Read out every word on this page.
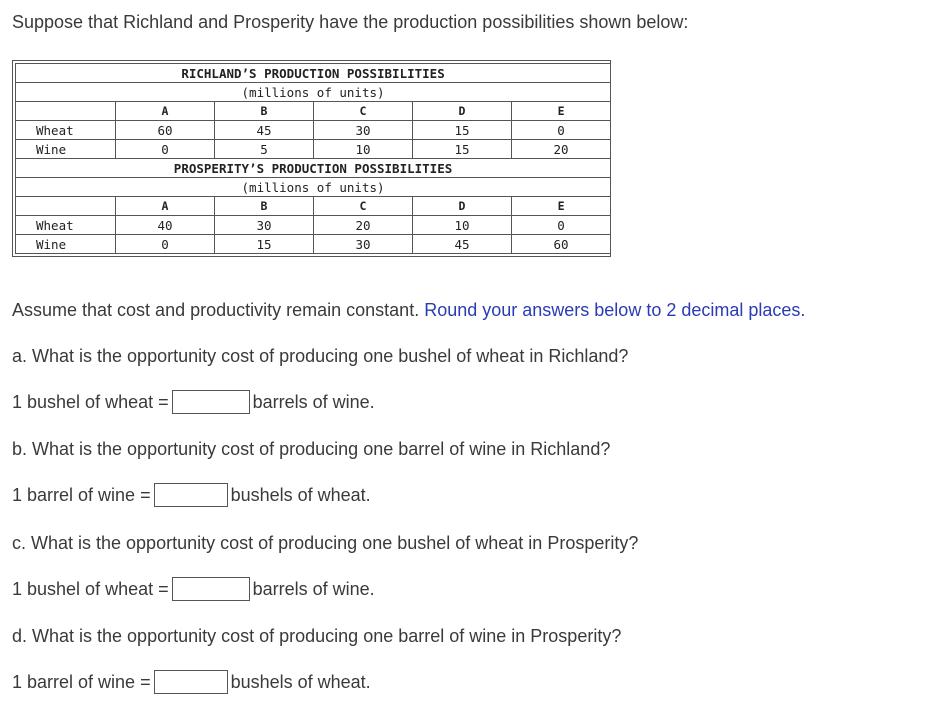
Suppose that Richland and Prosperity have the production possibilities shown below:
RICHLAND’S PRODUCTION POSSIBILITIES					
(millions of units)					
	A	B	C	D	E
Wheat	60	45	30	15	0
Wine	0	5	10	15	20
PROSPERITY’S PRODUCTION POSSIBILITIES					
(millions of units)					
	A	B	C	D	E
Wheat	40	30	20	10	0
Wine	0	15	30	45	60
Assume that cost and productivity remain constant. Round your answers below to 2 decimal places.
a. What is the opportunity cost of producing one bushel of wheat in Richland?
1 bushel of wheat =	barrels of wine.
b. What is the opportunity cost of producing one barrel of wine in Richland?
1 barrel of wine =	bushels of wheat.
c. What is the opportunity cost of producing one bushel of wheat in Prosperity?
1 bushel of wheat =	barrels of wine.
d. What is the opportunity cost of producing one barrel of wine in Prosperity?
1 barrel of wine =	bushels of wheat.
